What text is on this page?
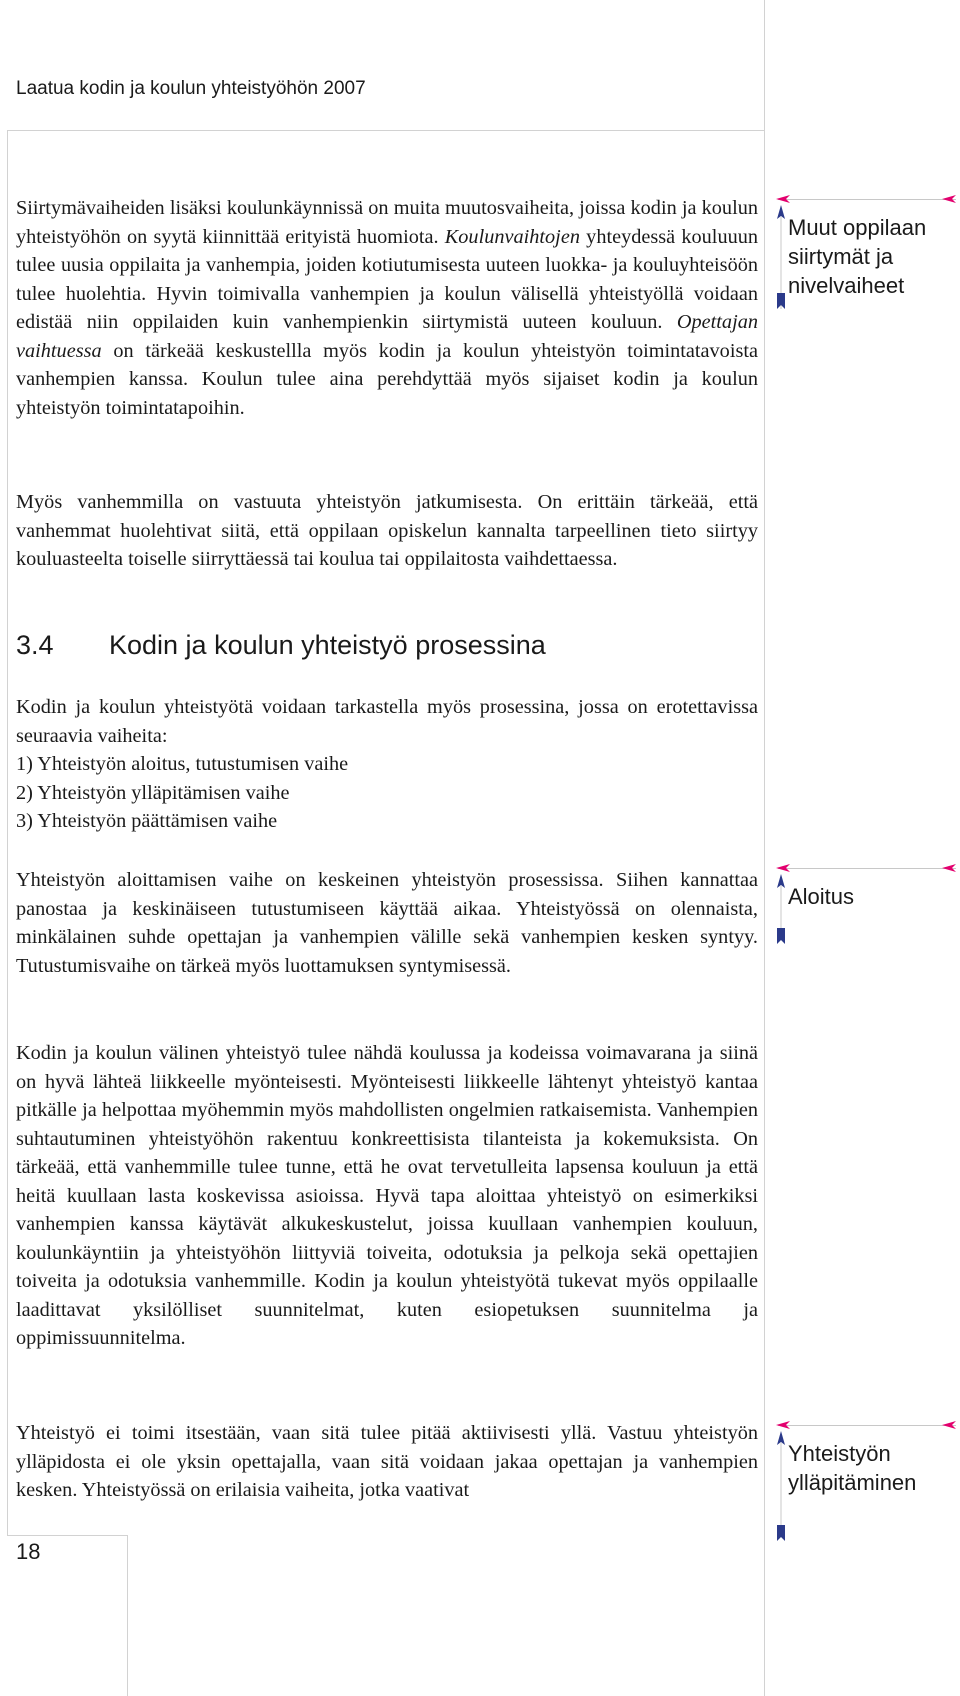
Laatua kodin ja koulun yhteistyöhön 2007

Siirtymävaiheiden lisäksi koulunkäynnissä on muita muutosvaiheita, joissa kodin ja koulun yhteistyöhön on syytä kiinnittää erityistä huomiota. Koulunvaihtojen yhteydessä kouluuun tulee uusia oppilaita ja vanhempia, joiden kotiutumisesta uuteen luokka- ja kouluyhteisöön tulee huolehtia. Hyvin toimivalla vanhempien ja koulun välisellä yhteistyöllä voidaan edistää niin oppilaiden kuin vanhempienkin siirtymistä uuteen kouluun. Opettajan vaihtuessa on tärkeää keskustellla myös kodin ja koulun yhteistyön toimintatavoista vanhempien kanssa. Koulun tulee aina perehdyttää myös sijaiset kodin ja koulun yhteistyön toimintatapoihin.

Myös vanhemmilla on vastuuta yhteistyön jatkumisesta. On erittäin tärkeää, että vanhemmat huolehtivat siitä, että oppilaan opiskelun kannalta tarpeellinen tieto siirtyy kouluasteelta toiselle siirryttäessä tai koulua tai oppilaitosta vaihdettaessa.

3.4 Kodin ja koulun yhteistyö prosessina

Kodin ja koulun yhteistyötä voidaan tarkastella myös prosessina, jossa on erotettavissa seuraavia vaiheita:

1) Yhteistyön aloitus, tutustumisen vaihe
2) Yhteistyön ylläpitämisen vaihe
3) Yhteistyön päättämisen vaihe

Yhteistyön aloittamisen vaihe on keskeinen yhteistyön prosessissa. Siihen kannattaa panostaa ja keskinäiseen tutustumiseen käyttää aikaa. Yhteistyössä on olennaista, minkälainen suhde opettajan ja vanhempien välille sekä vanhempien kesken syntyy. Tutustumisvaihe on tärkeä myös luottamuksen syntymisessä.

Kodin ja koulun välinen yhteistyö tulee nähdä koulussa ja kodeissa voimavarana ja siinä on hyvä lähteä liikkeelle myönteisesti. Myönteisesti liikkeelle lähtenyt yhteistyö kantaa pitkälle ja helpottaa myöhemmin myös mahdollisten ongelmien ratkaisemista. Vanhempien suhtautuminen yhteistyöhön rakentuu konkreettisista tilanteista ja kokemuksista. On tärkeää, että vanhemmille tulee tunne, että he ovat tervetulleita lapsensa kouluun ja että heitä kuullaan lasta koskevissa asioissa. Hyvä tapa aloittaa yhteistyö on esimerkiksi vanhempien kanssa käytävät alkukeskustelut, joissa kuullaan vanhempien kouluun, koulunkäyntiin ja yhteistyöhön liittyviä toiveita, odotuksia ja pelkoja sekä opettajien toiveita ja odotuksia vanhemmille. Kodin ja koulun yhteistyötä tukevat myös oppilaalle laadittavat yksilölliset suunnitelmat, kuten esiopetuksen suunnitelma ja oppimissuunnitelma.

Yhteistyö ei toimi itsestään, vaan sitä tulee pitää aktiivisesti yllä. Vastuu yhteistyön ylläpidosta ei ole yksin opettajalla, vaan sitä voidaan jakaa opettajan ja vanhempien kesken. Yhteistyössä on erilaisia vaiheita, jotka vaativat

18
Muut oppilaan
siirtymät ja
nivelvaiheet
Aloitus
Yhteistyön
ylläpitäminen
